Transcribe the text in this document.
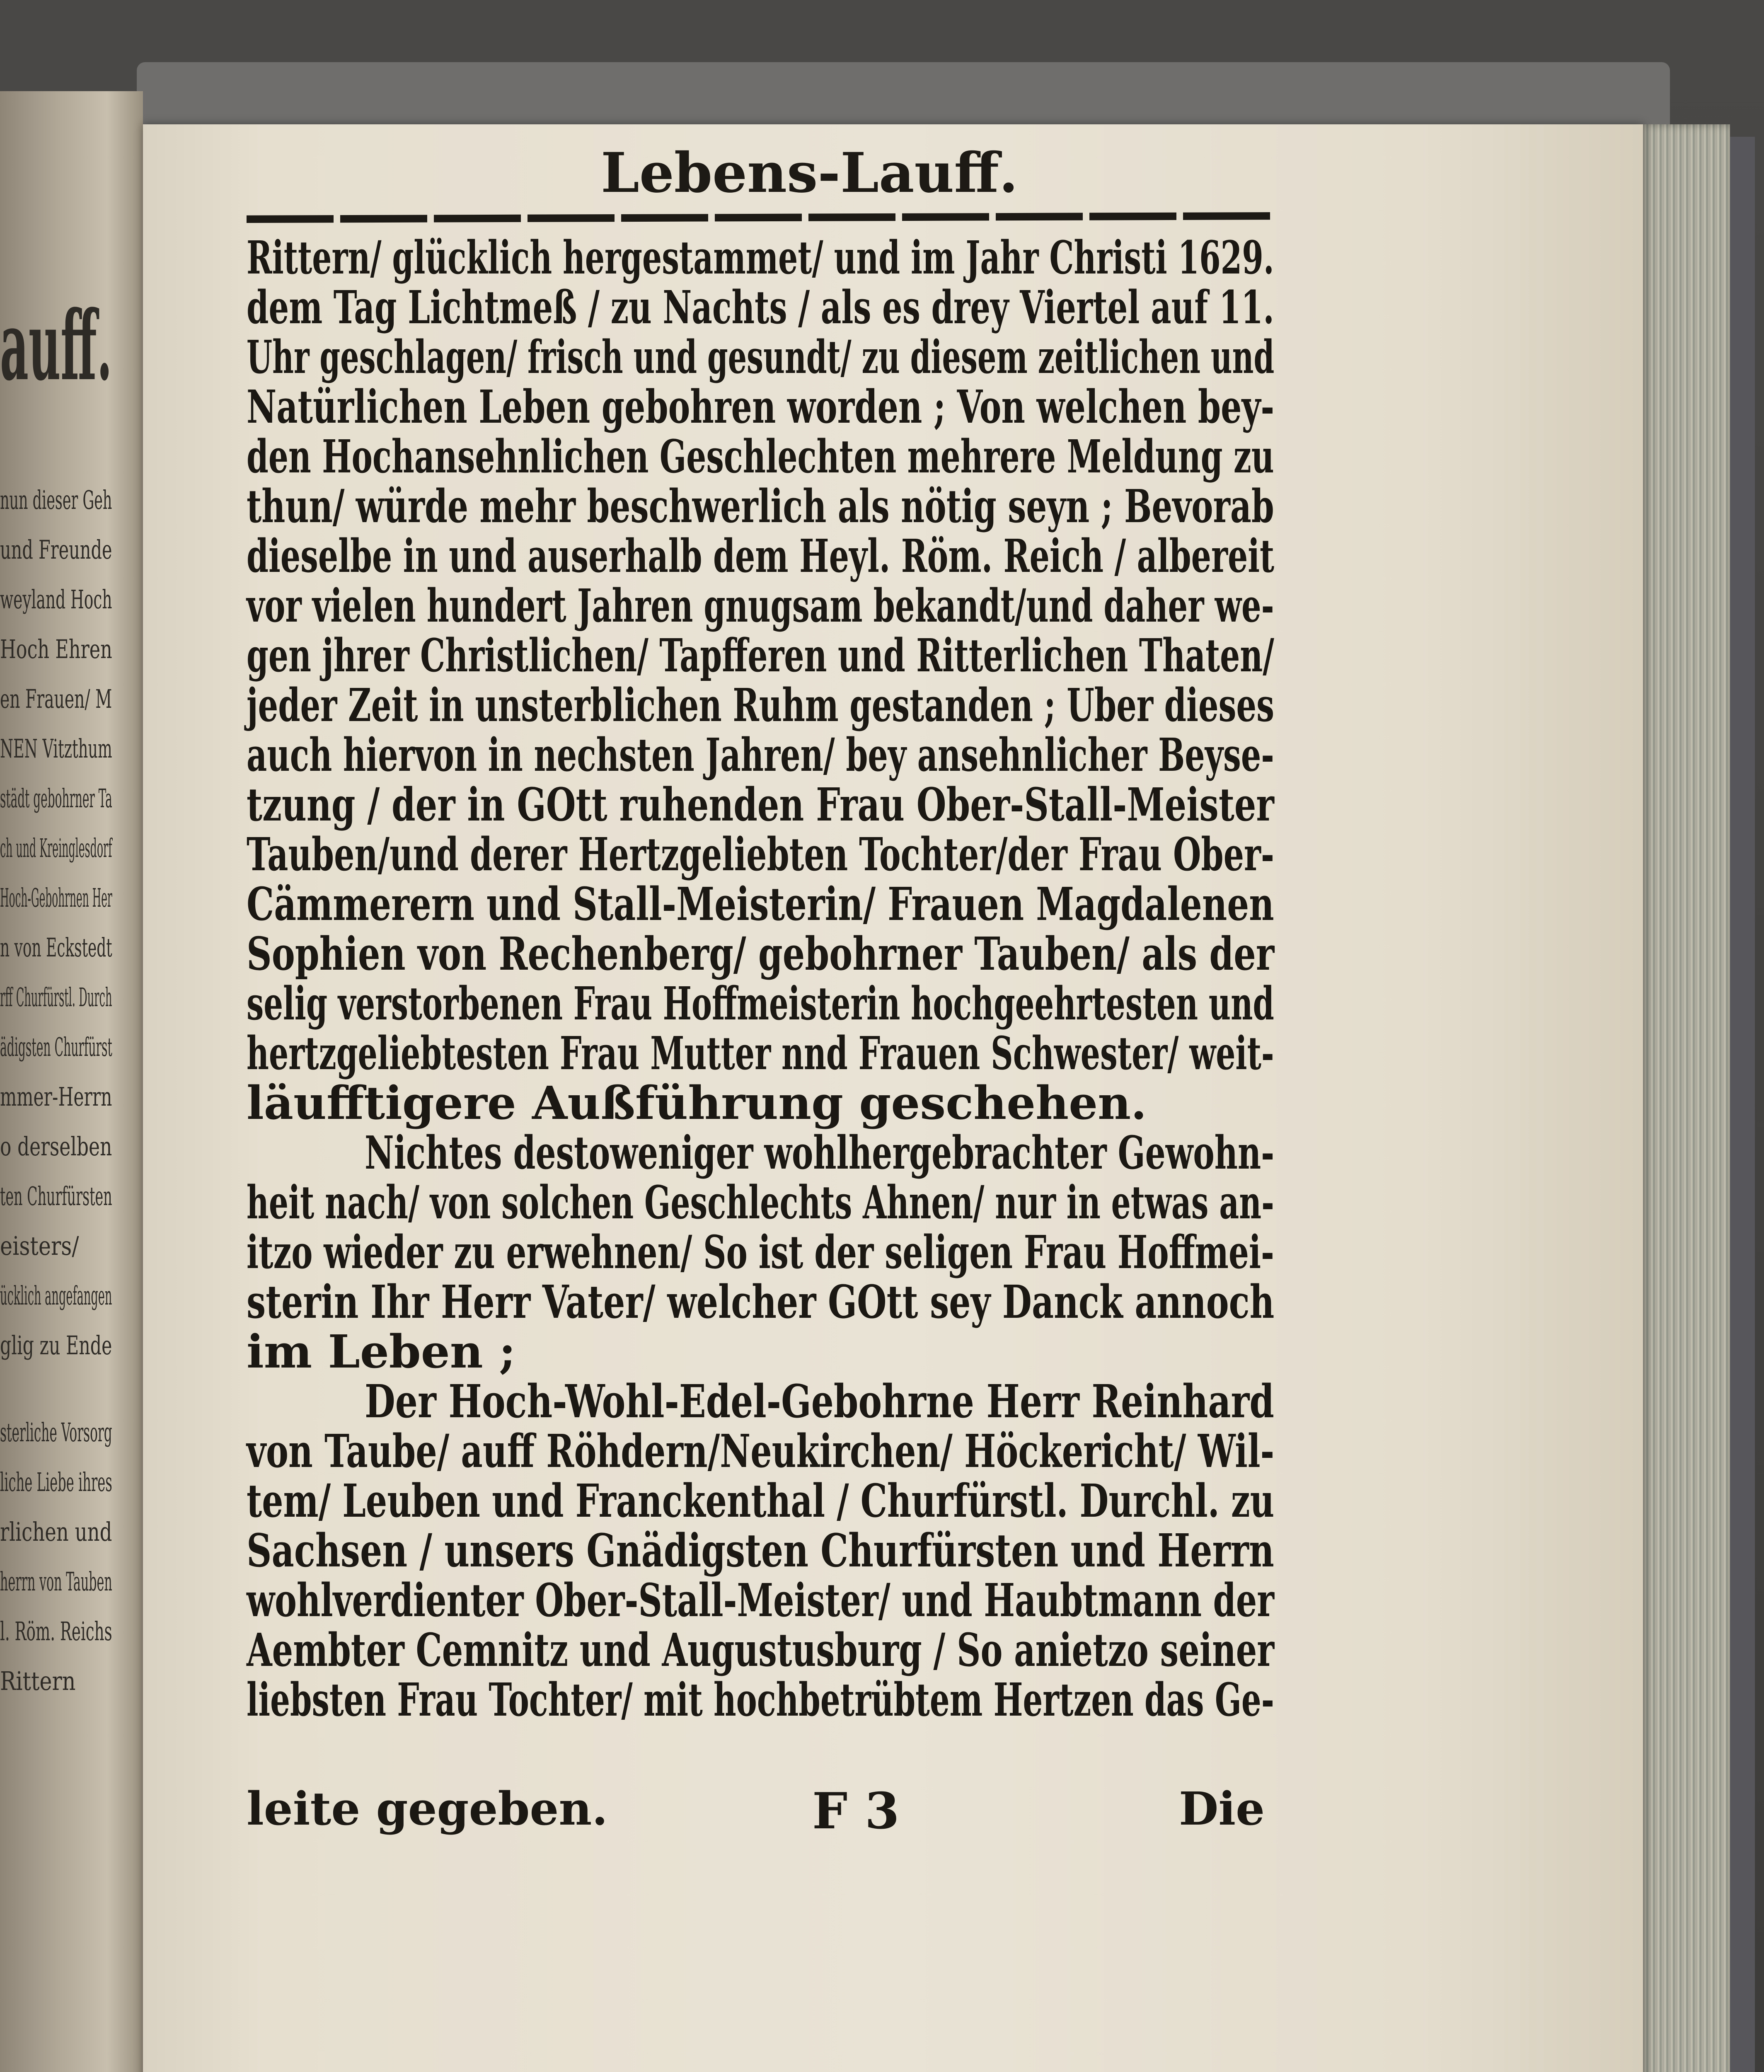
auff.
nun dieser Geh
und Freunde
weyland Hoch
Hoch Ehren
en Frauen/ M
NEN Vitzthum
städt gebohrner Ta
ch und Kreinglesdorf
Hoch-Gebohrnen Her
n von Eckstedt
rff Churfürstl. Durch
ädigsten Churfürst
mmer-Herrn
o derselben
ten Churfürsten
eisters/
ücklich angefangen
glig zu Ende
sterliche Vorsorg
liche Liebe ihres
rlichen und
herrn von Tauben
l. Röm. Reichs
Rittern
Lebens-Lauff.
Rittern/ glücklich hergestammet/ und im Jahr Christi 1629.
dem Tag Lichtmeß / zu Nachts / als es drey Viertel auf 11.
Uhr geschlagen/ frisch und gesundt/ zu diesem zeitlichen und
Natürlichen Leben gebohren worden ; Von welchen bey-
den Hochansehnlichen Geschlechten mehrere Meldung zu
thun/ würde mehr beschwerlich als nötig seyn ; Bevorab
dieselbe in und auserhalb dem Heyl. Röm. Reich / albereit
vor vielen hundert Jahren gnugsam bekandt/und daher we-
gen jhrer Christlichen/ Tapfferen und Ritterlichen Thaten/
jeder Zeit in unsterblichen Ruhm gestanden ; Uber dieses
auch hiervon in nechsten Jahren/ bey ansehnlicher Beyse-
tzung / der in GOtt ruhenden Frau Ober-Stall-Meister
Tauben/und derer Hertzgeliebten Tochter/der Frau Ober-
Cämmerern und Stall-Meisterin/ Frauen Magdalenen
Sophien von Rechenberg/ gebohrner Tauben/ als der
selig verstorbenen Frau Hoffmeisterin hochgeehrtesten und
hertzgeliebtesten Frau Mutter nnd Frauen Schwester/ weit-
läufftigere Außführung geschehen.
Nichtes destoweniger wohlhergebrachter Gewohn-
heit nach/ von solchen Geschlechts Ahnen/ nur in etwas an-
itzo wieder zu erwehnen/ So ist der seligen Frau Hoffmei-
sterin Ihr Herr Vater/ welcher GOtt sey Danck annoch
im Leben ;
Der Hoch-Wohl-Edel-Gebohrne Herr Reinhard
von Taube/ auff Röhdern/Neukirchen/ Höckericht/ Wil-
tem/ Leuben und Franckenthal / Churfürstl. Durchl. zu
Sachsen / unsers Gnädigsten Churfürsten und Herrn
wohlverdienter Ober-Stall-Meister/ und Haubtmann der
Aembter Cemnitz und Augustusburg / So anietzo seiner
liebsten Frau Tochter/ mit hochbetrübtem Hertzen das Ge-
leite gegeben.	F 3	Die
